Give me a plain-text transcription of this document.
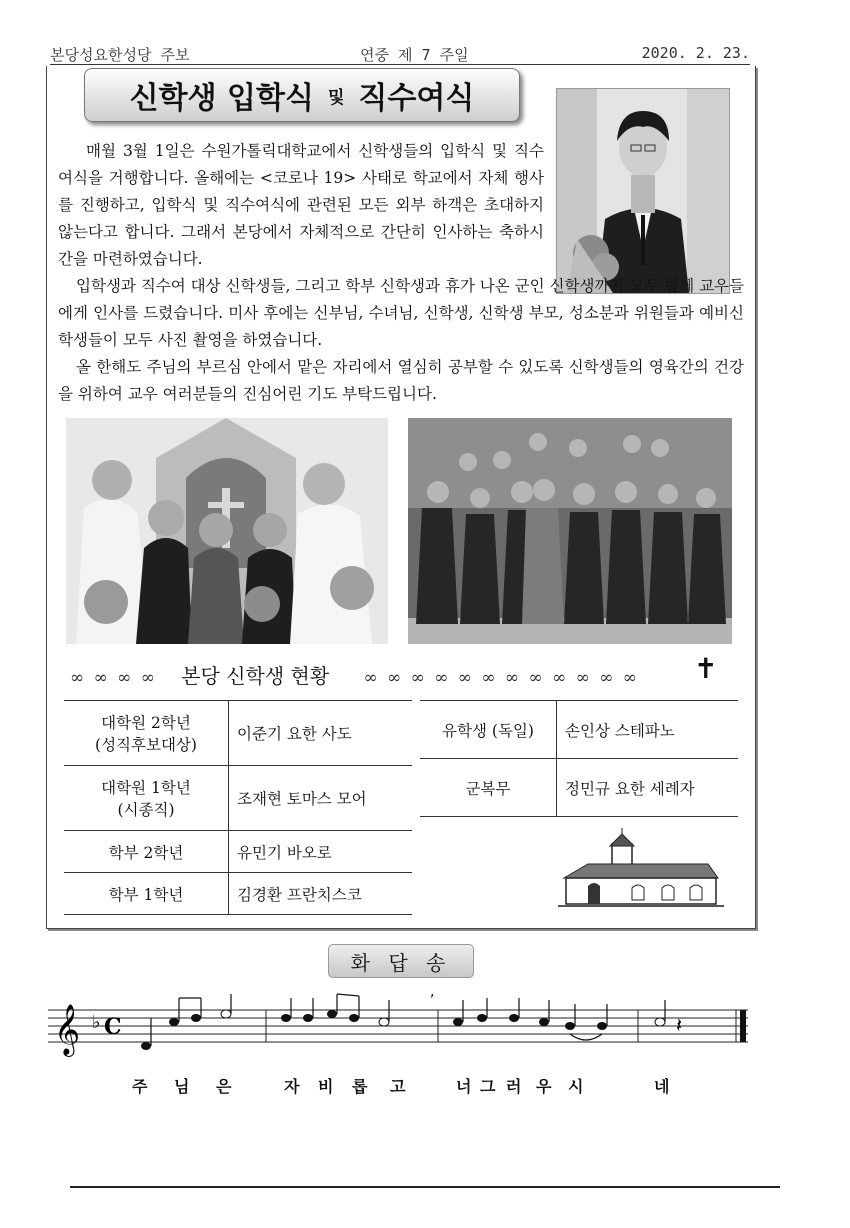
본당성요한성당 주보	연중 제 7 주일	2020. 2. 23.
신학생 입학식 및 직수여식
매월 3월 1일은 수원가톨릭대학교에서 신학생들의 입학식 및 직수여식을 거행합니다. 올해에는 <코로나 19> 사태로 학교에서 자체 행사를 진행하고, 입학식 및 직수여식에 관련된 모든 외부 하객은 초대하지 않는다고 합니다. 그래서 본당에서 자체적으로 간단히 인사하는 축하시간을 마련하였습니다.
입학생과 직수여 대상 신학생들, 그리고 학부 신학생과 휴가 나온 군인 신학생까지 모두 함께 교우들에게 인사를 드렸습니다. 미사 후에는 신부님, 수녀님, 신학생, 신학생 부모, 성소분과 위원들과 예비신학생들이 모두 사진 촬영을 하였습니다.
올 한해도 주님의 부르심 안에서 맡은 자리에서 열심히 공부할 수 있도록 신학생들의 영육간의 건강을 위하여 교우 여러분들의 진심어린 기도 부탁드립니다.
∞ ∞ ∞ ∞ 본당 신학생 현황 ∞ ∞ ∞ ∞ ∞ ∞ ∞ ∞ ∞ ∞ ∞ ∞	✝
대학원 2학년
(성직후보대상)	이준기 요한 사도

대학원 1학년
(시종직)	조재현 토마스 모어
학부 2학년	유민기 바오로
학부 1학년	김경환 프란치스코
유학생 (독일)	손인상 스테파노
군복무	정민규 요한 세례자
화 답 송
𝄞 ♭ C
,
𝄽
주 님 은	자 비 롭 고	너 그 러 우 시	네
